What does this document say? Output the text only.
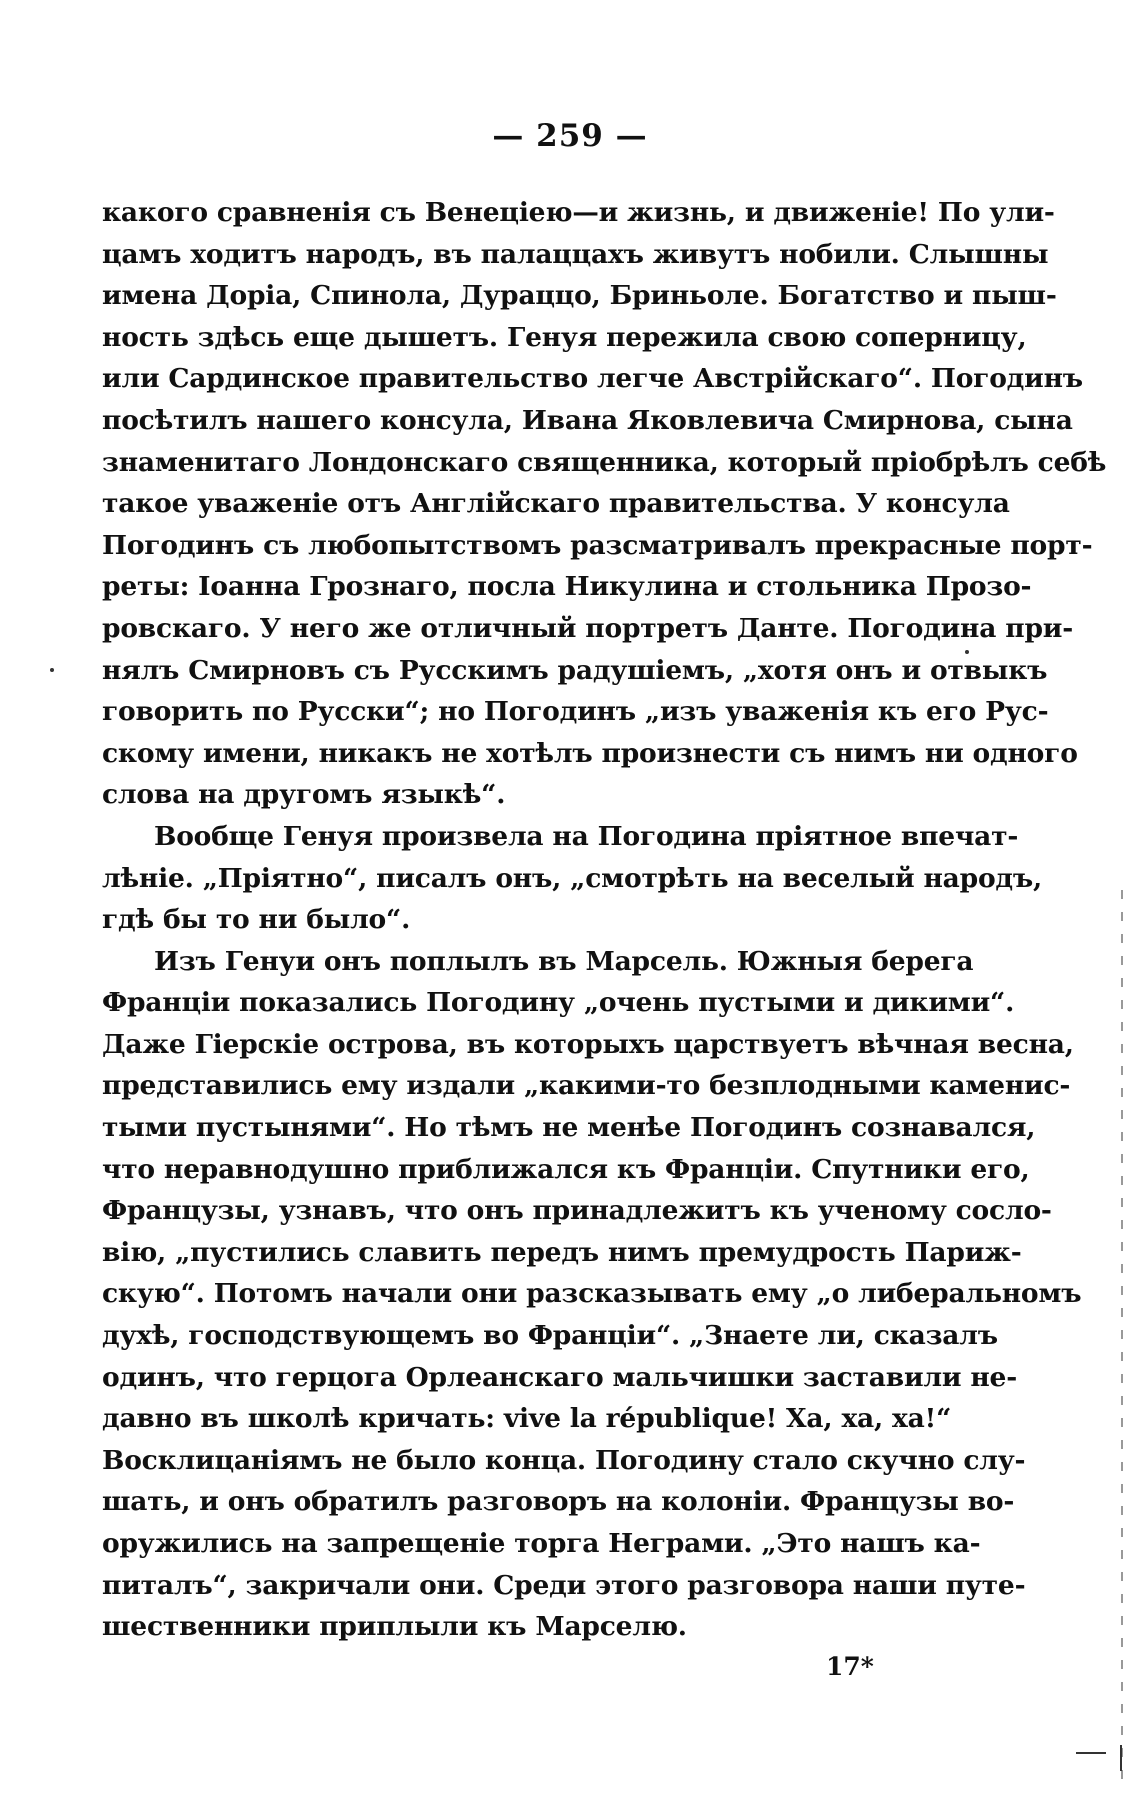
— 259 —
какого сравненія съ Венеціею—и жизнь, и движеніе! По ули-
цамъ ходитъ народъ, въ палаццахъ живутъ нобили. Слышны
имена Доріа, Спинола, Дураццо, Бриньоле. Богатство и пыш-
ность здѣсь еще дышетъ. Генуя пережила свою соперницу,
или Сардинское правительство легче Австрійскаго“. Погодинъ
посѣтилъ нашего консула, Ивана Яковлевича Смирнова, сына
знаменитаго Лондонскаго священника, который пріобрѣлъ себѣ
такое уваженіе отъ Англійскаго правительства. У консула
Погодинъ съ любопытствомъ разсматривалъ прекрасные порт-
реты: Іоанна Грознаго, посла Никулина и стольника Прозо-
ровскаго. У него же отличный портретъ Данте. Погодина при-
нялъ Смирновъ съ Русскимъ радушіемъ, „хотя онъ и отвыкъ
говорить по Русски“; но Погодинъ „изъ уваженія къ его Рус-
скому имени, никакъ не хотѣлъ произнести съ нимъ ни одного
слова на другомъ языкѣ“.
Вообще Генуя произвела на Погодина пріятное впечат-
лѣніе. „Пріятно“, писалъ онъ, „смотрѣть на веселый народъ,
гдѣ бы то ни было“.
Изъ Генуи онъ поплылъ въ Марсель. Южныя берега
Франціи показались Погодину „очень пустыми и дикими“.
Даже Гіерскіе острова, въ которыхъ царствуетъ вѣчная весна,
представились ему издали „какими-то безплодными каменис-
тыми пустынями“. Но тѣмъ не менѣе Погодинъ сознавался,
что неравнодушно приближался къ Франціи. Спутники его,
Французы, узнавъ, что онъ принадлежитъ къ ученому сосло-
вію, „пустились славить передъ нимъ премудрость Париж-
скую“. Потомъ начали они разсказывать ему „о либеральномъ
духѣ, господствующемъ во Франціи“. „Знаете ли, сказалъ
одинъ, что герцога Орлеанскаго мальчишки заставили не-
давно въ школѣ кричать: vive la république! Ха, ха, ха!“
Восклицаніямъ не было конца. Погодину стало скучно слу-
шать, и онъ обратилъ разговоръ на колоніи. Французы во-
оружились на запрещеніе торга Неграми. „Это нашъ ка-
питалъ“, закричали они. Среди этого разговора наши путе-
шественники приплыли къ Марселю.
17*
